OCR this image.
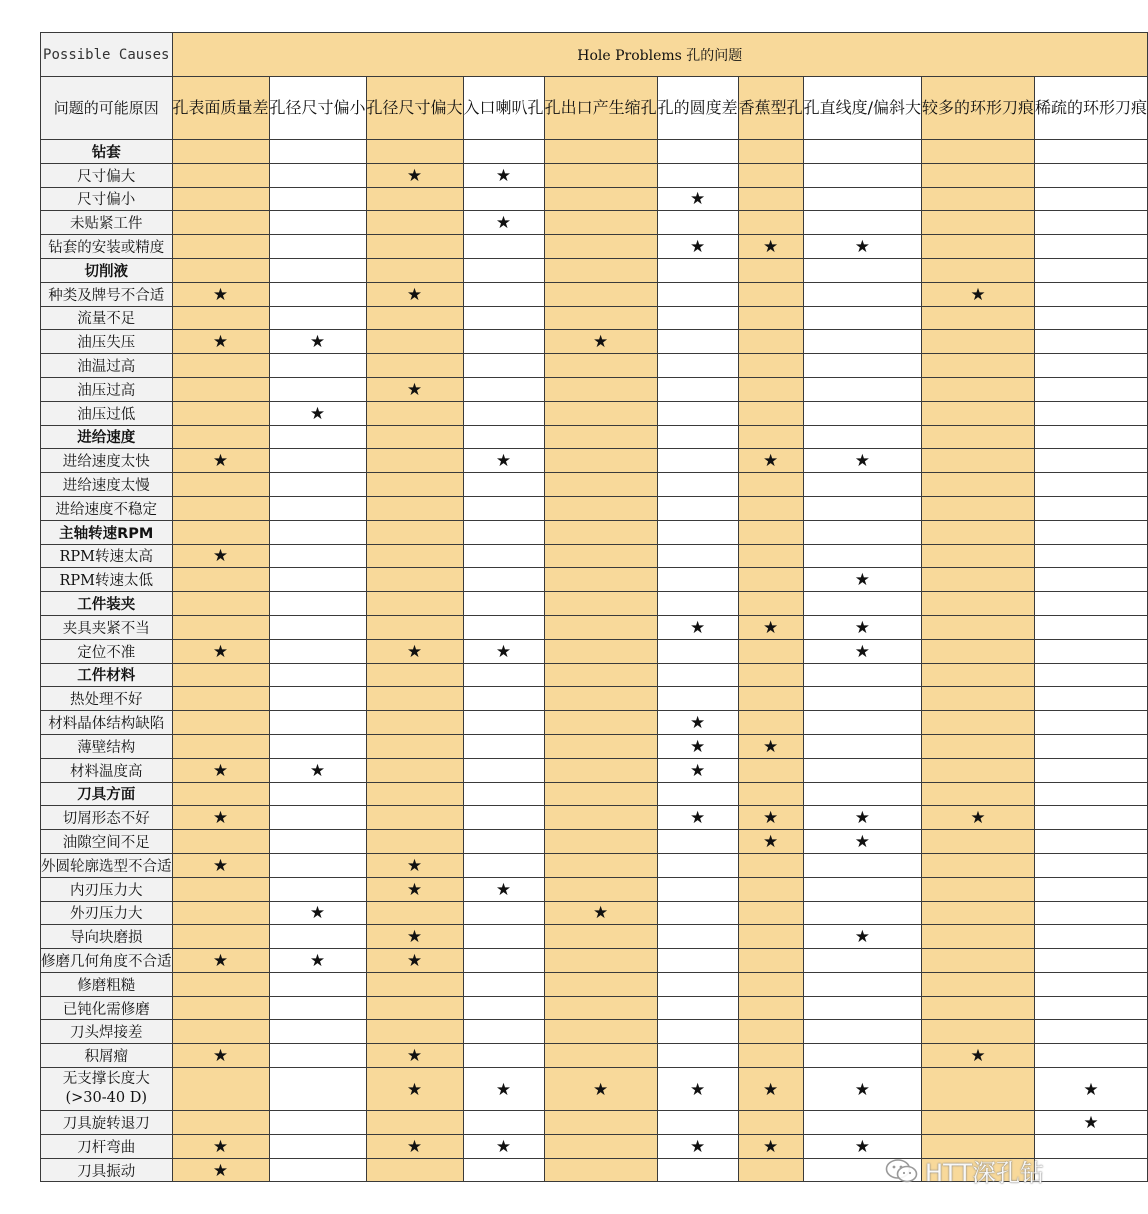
Possible Causes	Hole Problems 孔的问题									
问题的可能原因	孔表面质量差	孔径尺寸偏小	孔径尺寸偏大	入口喇叭孔	孔出口产生缩孔	孔的圆度差	香蕉型孔	孔直线度/偏斜大	较多的环形刀痕	稀疏的环形刀痕
钻套										
尺寸偏大			★	★						
尺寸偏小						★				
未贴紧工件				★						
钻套的安装或精度						★	★	★		
切削液										
种类及牌号不合适	★		★						★	
流量不足										
油压失压	★	★			★					
油温过高										
油压过高			★							
油压过低		★								
进给速度										
进给速度太快	★			★			★	★		
进给速度太慢										
进给速度不稳定										
主轴转速RPM										
RPM转速太高	★									
RPM转速太低								★		
工件装夹										
夹具夹紧不当						★	★	★		
定位不准	★		★	★				★		
工件材料										
热处理不好										
材料晶体结构缺陷						★				
薄壁结构						★	★			
材料温度高	★	★				★				
刀具方面										
切屑形态不好	★					★	★	★	★	
油隙空间不足							★	★		
外圆轮廓选型不合适	★		★							
内刃压力大			★	★						
外刃压力大		★			★					
导向块磨损			★					★		
修磨几何角度不合适	★	★	★							
修磨粗糙										
已钝化需修磨										
刀头焊接差										
积屑瘤	★		★						★	

无支撑长度大
(>30-40 D)			★	★	★	★	★	★		★
刀具旋转退刀										★
刀杆弯曲	★		★	★		★	★	★		
刀具振动	★										HTT深孔钻
